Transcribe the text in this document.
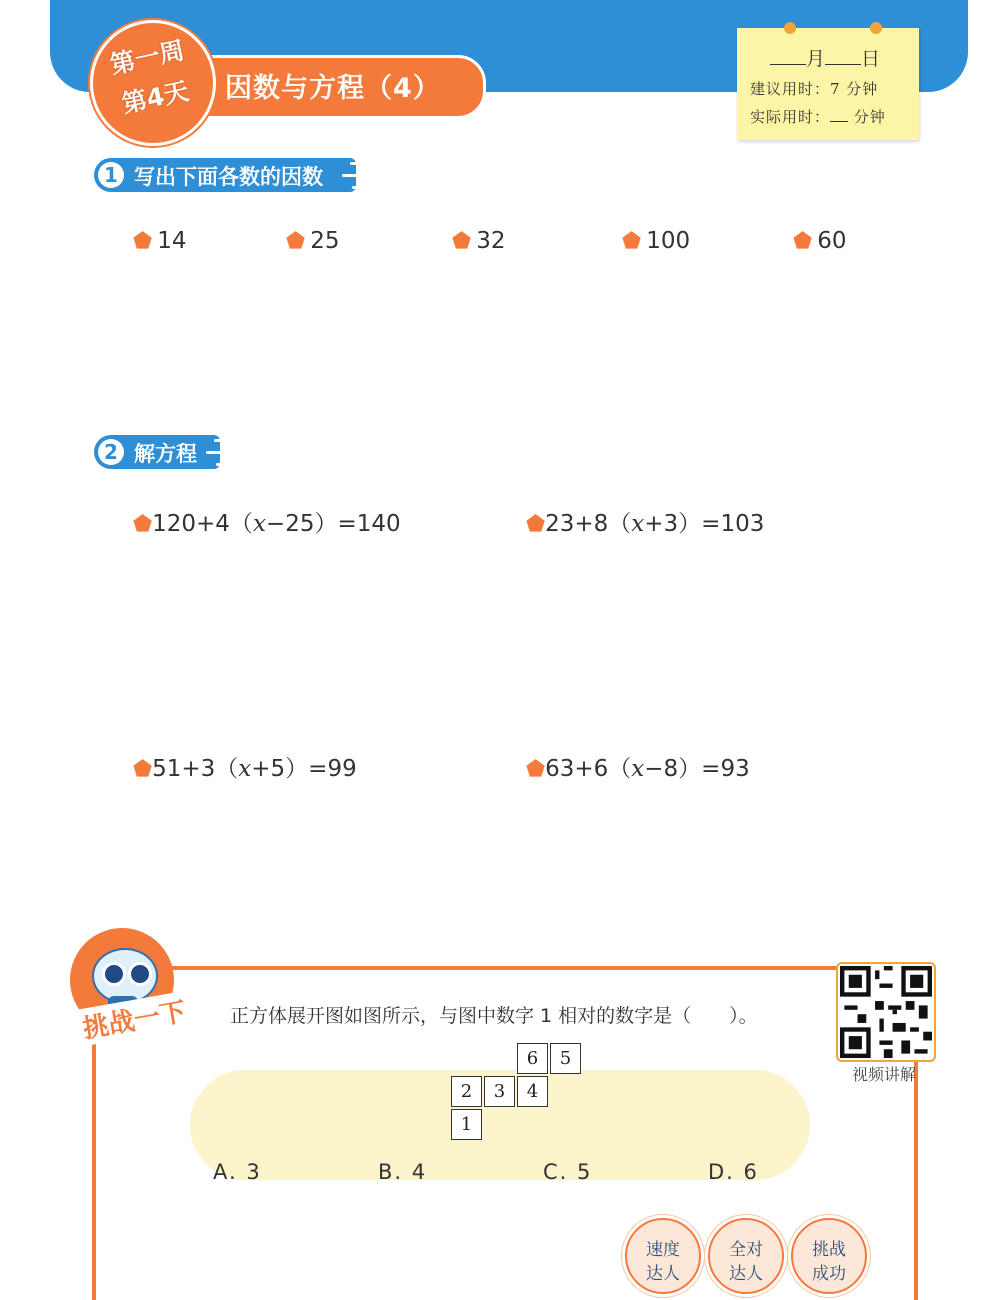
因数与方程（4）
第一周
第4天
月 日
建议用时：7 分钟
实际用时： 分钟
1 写出下面各数的因数
⬟ 14	⬟ 25	⬟ 32	⬟ 100	⬟ 60
2 解方程
⬟120+4（x−25）=140	⬟23+8（x+3）=103
⬟51+3（x+5）=99	⬟63+6（x−8）=93
挑战一下 正方体展开图如图所示，与图中数字 1 相对的数字是（　　）。
视频讲解
6	5
2	3	4
1
A. 3	B. 4	C. 5	D. 6
速度
达人
全对
达人
挑战
成功
